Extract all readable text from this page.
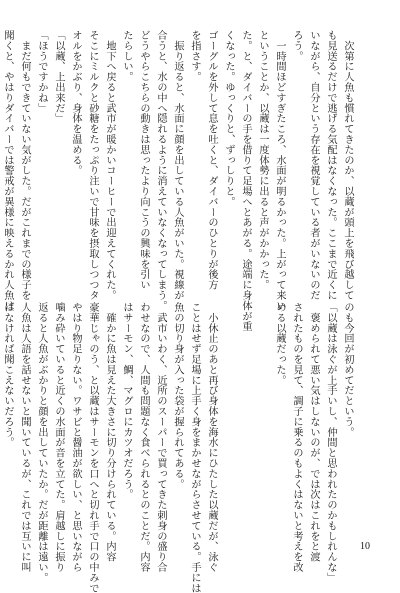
　次第に人魚も慣れてきたのか、以蔵が頭上を飛び越して
も見送るだけで逃げる気配はなくなった。ここまで近くに
いながら、自分という存在を視覚している者がいないのだ
ろう。
　一時間ほどすぎたころ、水面が明るかった。上がって来い
ということか、以蔵は一度体勢に出ると声がかかった。
た。と、ダイバーの手を借りて足場へとあがる。途端に身体が重
くなった。ゆっくりと、ずっしりと。
ゴーグルを外して息を吐くと、ダイバーのひとりが後方
を指さす。
　振り返ると、水面に顔を出している人魚がいた。視線が
合うと、水の中へ隠れるように消えていなくなってしまう。
どうやらこちらの動きは思ったより向こうの興味を引い
たらしい。
　地下へ戻ると武市が暖かいコーヒーで出迎えてくれた。
そこにミルクと砂糖をたっぷり注いで甘味を摂取しつつタ
オルをかぶり、身体を温める。
「以蔵、上出来だ」
「ほうですかね」
　まだ何もできていない気がした。だがこれまでの様子を
聞くと、やはりダイバーでは警戒が異様に映えるかれ人魚は
のも今回が初めてだという。
「以蔵は泳ぐが上手いし、仲間と思われたのかもしれんな」
　褒められて悪い気はしないのが、では次はこれをと渡
されたものを見て、調子に乗るのもよくはないと考えを改
める以蔵だった。

　小休止のあと再び身体を海水にひたした以蔵だが、泳ぐ
ことはせず足場に上手く身をまかせながらさせている。手には
魚の切り身が入った袋が握られてある。
　武市いわく、近所のスーパーで買ってきた刺身の盛り合
わせなので、人間も問題なく食べられるとのことだ。内容
はサーモン、鯛、マグロにカツオだろう。
　確かに魚は見えた大きさに切り分けられている。内容
豪華じゃのう、と以蔵はサーモンを口へと切れ手で口の中みで
やはり物足りない。ワサビと醤油が欲しい、と思いながら
噛み砕いていると近くの水面が音を立てた。肩越しに振り
返ると人魚がぶかりと顔を出していたか。だが距離は遠い。
人魚は人語を話せないと聞いているが、これでは互いに叫
ばなければ聞こえないだろう。
10
